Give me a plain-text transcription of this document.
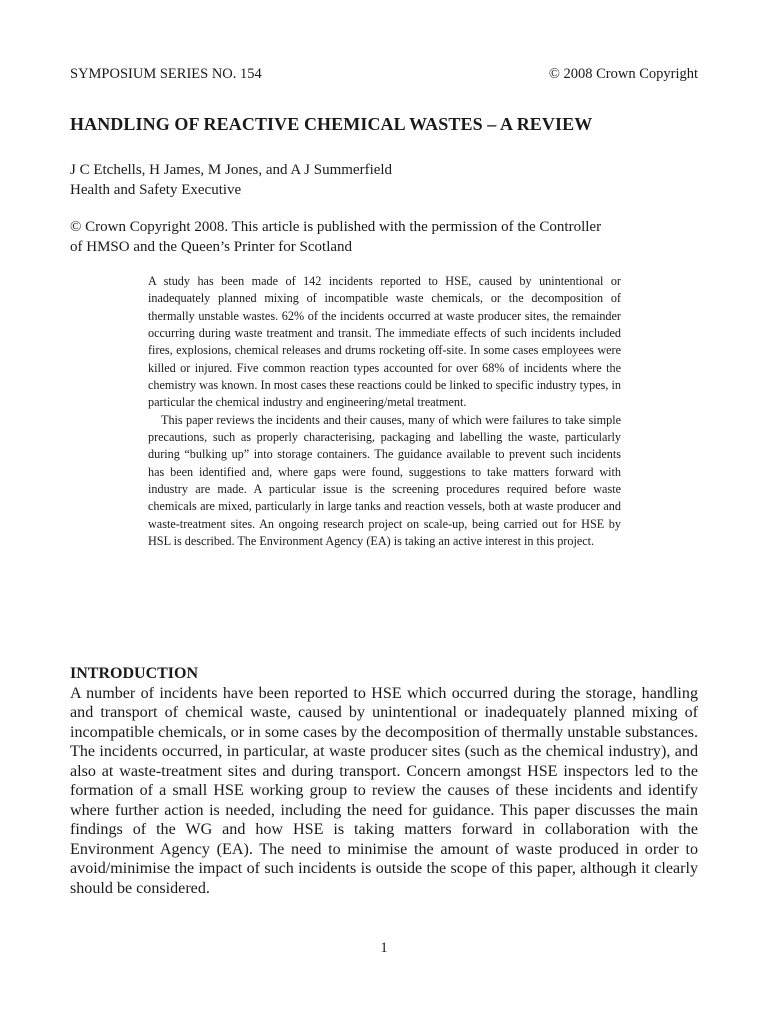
SYMPOSIUM SERIES NO. 154	© 2008 Crown Copyright
HANDLING OF REACTIVE CHEMICAL WASTES – A REVIEW
J C Etchells, H James, M Jones, and A J Summerfield
Health and Safety Executive
© Crown Copyright 2008. This article is published with the permission of the Controller
of HMSO and the Queen’s Printer for Scotland

A study has been made of 142 incidents reported to HSE, caused by unintentional or inadequately planned mixing of incompatible waste chemicals, or the decomposition of thermally unstable wastes. 62% of the incidents occurred at waste producer sites, the remainder occurring during waste treatment and transit. The immediate effects of such incidents included fires, explosions, chemical releases and drums rocketing off-site. In some cases employees were killed or injured. Five common reaction types accounted for over 68% of incidents where the chemistry was known. In most cases these reactions could be linked to specific industry types, in particular the chemical industry and engineering/metal treatment.

This paper reviews the incidents and their causes, many of which were failures to take simple precautions, such as properly characterising, packaging and labelling the waste, particularly during “bulking up” into storage containers. The guidance available to prevent such incidents has been identified and, where gaps were found, suggestions to take matters forward with industry are made. A particular issue is the screening procedures required before waste chemicals are mixed, particularly in large tanks and reaction vessels, both at waste producer and waste-treatment sites. An ongoing research project on scale-up, being carried out for HSE by HSL is described. The Environment Agency (EA) is taking an active interest in this project.

INTRODUCTION

A number of incidents have been reported to HSE which occurred during the storage, handling and transport of chemical waste, caused by unintentional or inadequately planned mixing of incompatible chemicals, or in some cases by the decomposition of thermally unstable substances. The incidents occurred, in particular, at waste producer sites (such as the chemical industry), and also at waste-treatment sites and during transport. Concern amongst HSE inspectors led to the formation of a small HSE working group to review the causes of these incidents and identify where further action is needed, including the need for guidance. This paper discusses the main findings of the WG and how HSE is taking matters forward in collaboration with the Environment Agency (EA). The need to minimise the amount of waste produced in order to avoid/minimise the impact of such incidents is outside the scope of this paper, although it clearly should be considered.

1
